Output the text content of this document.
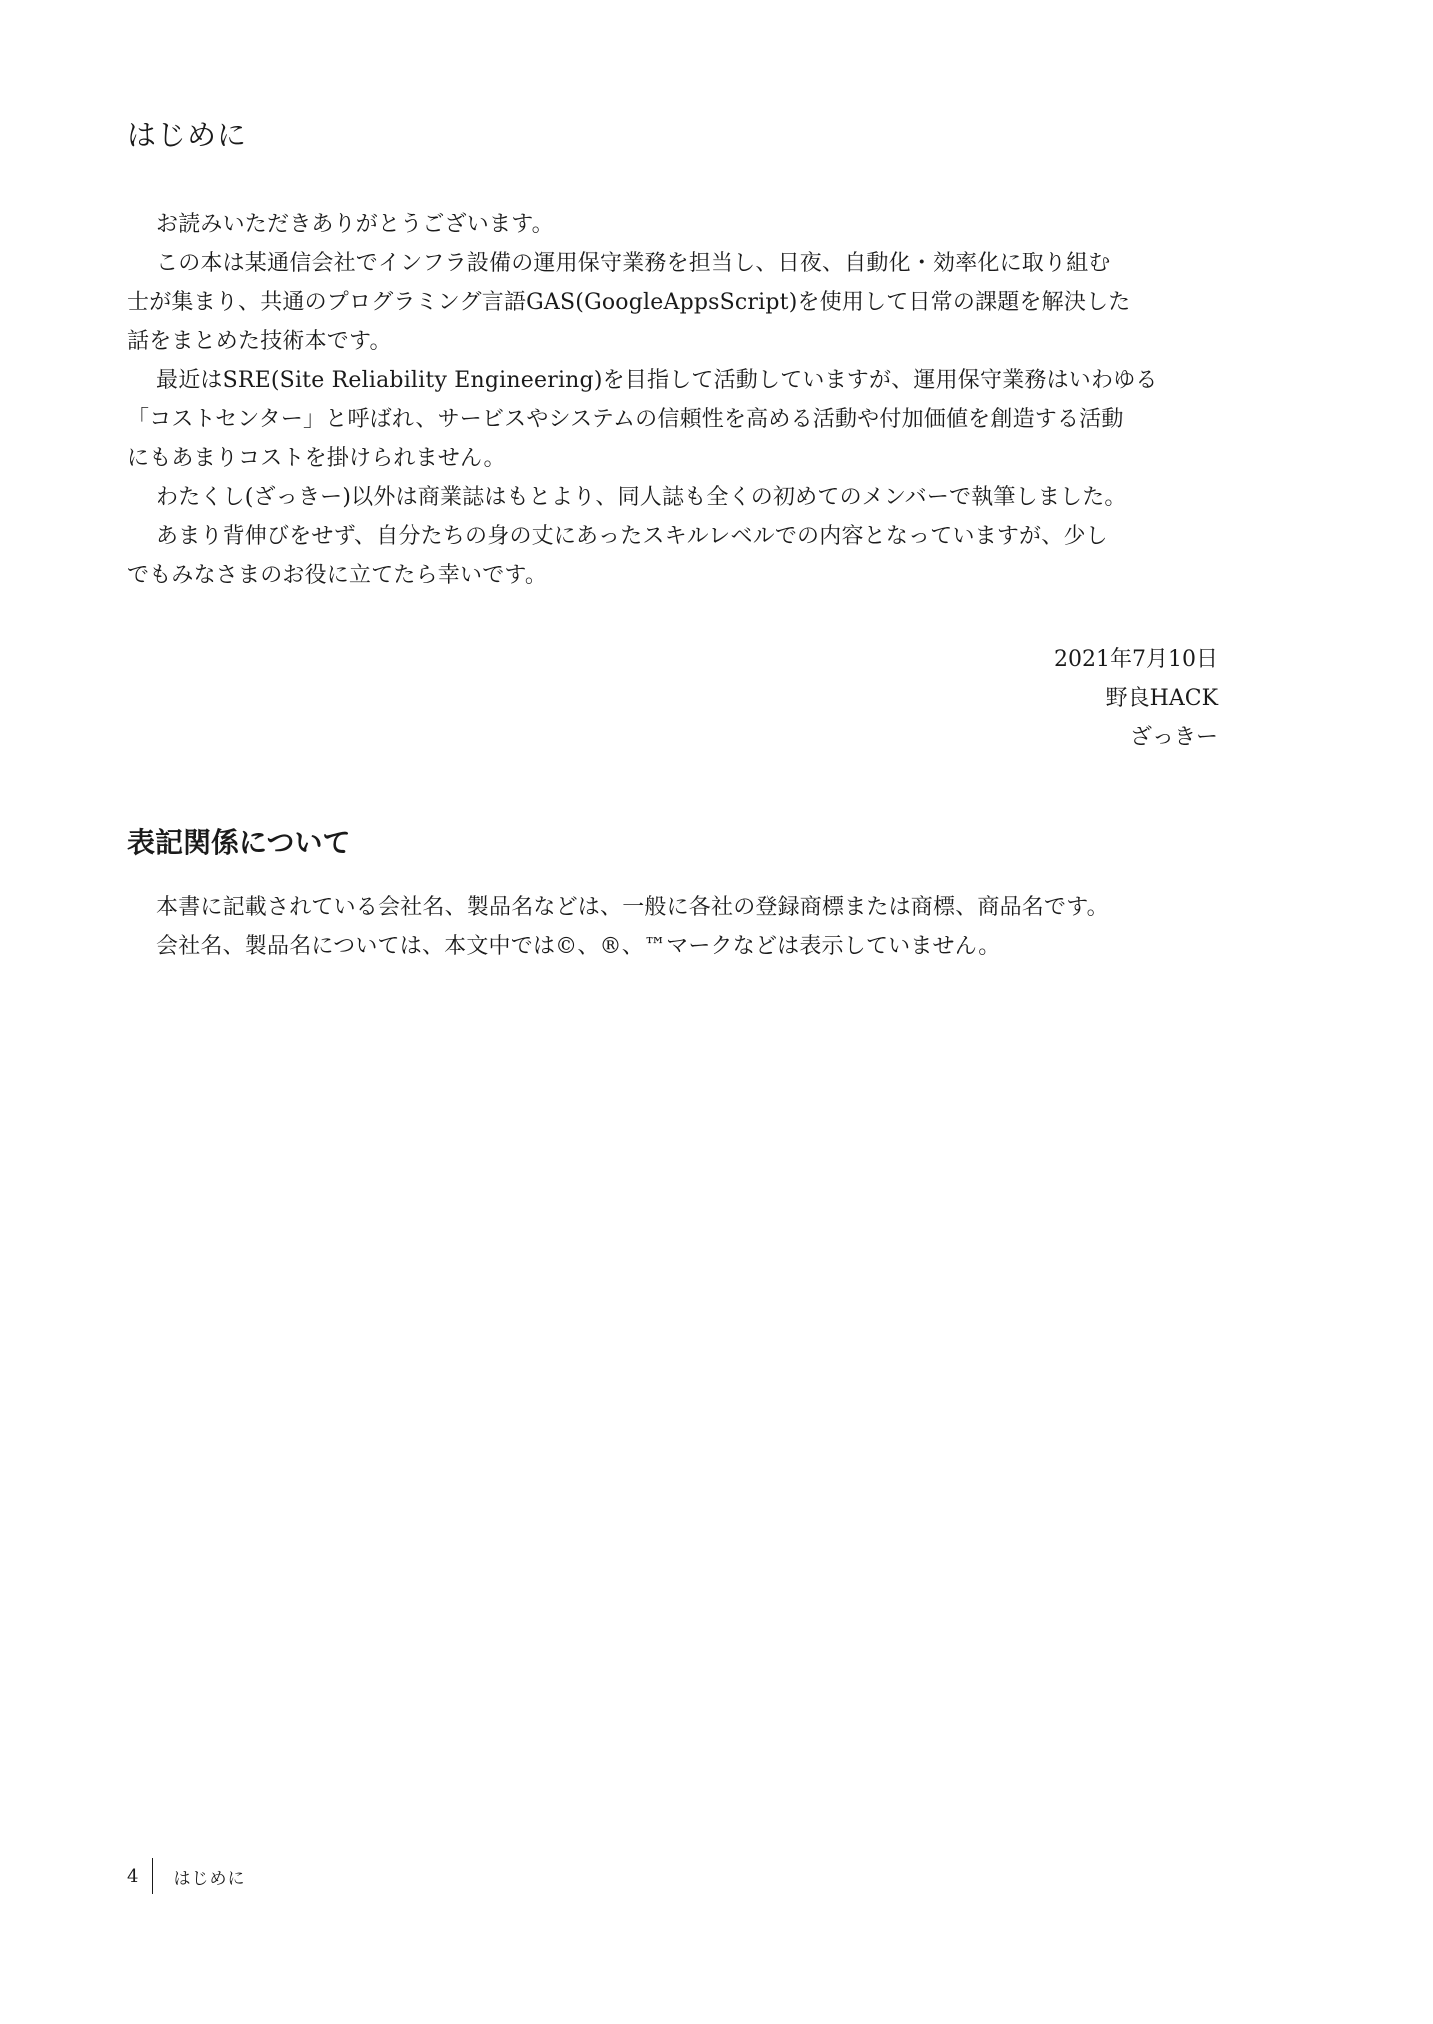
はじめに

お読みいただきありがとうございます。

この本は某通信会社でインフラ設備の運用保守業務を担当し、日夜、自動化・効率化に取り組む

士が集まり、共通のプログラミング言語GAS(GoogleAppsScript)を使用して日常の課題を解決した

話をまとめた技術本です。

最近はSRE(Site Reliability Engineering)を目指して活動していますが、運用保守業務はいわゆる

「コストセンター」と呼ばれ、サービスやシステムの信頼性を高める活動や付加価値を創造する活動

にもあまりコストを掛けられません。

わたくし(ざっきー)以外は商業誌はもとより、同人誌も全くの初めてのメンバーで執筆しました。

あまり背伸びをせず、自分たちの身の丈にあったスキルレベルでの内容となっていますが、少し

でもみなさまのお役に立てたら幸いです。

2021年7月10日
野良HACK
ざっきー
表記関係について

本書に記載されている会社名、製品名などは、一般に各社の登録商標または商標、商品名です。

会社名、製品名については、本文中では©、®、™マークなどは表示していません。

4 はじめに
